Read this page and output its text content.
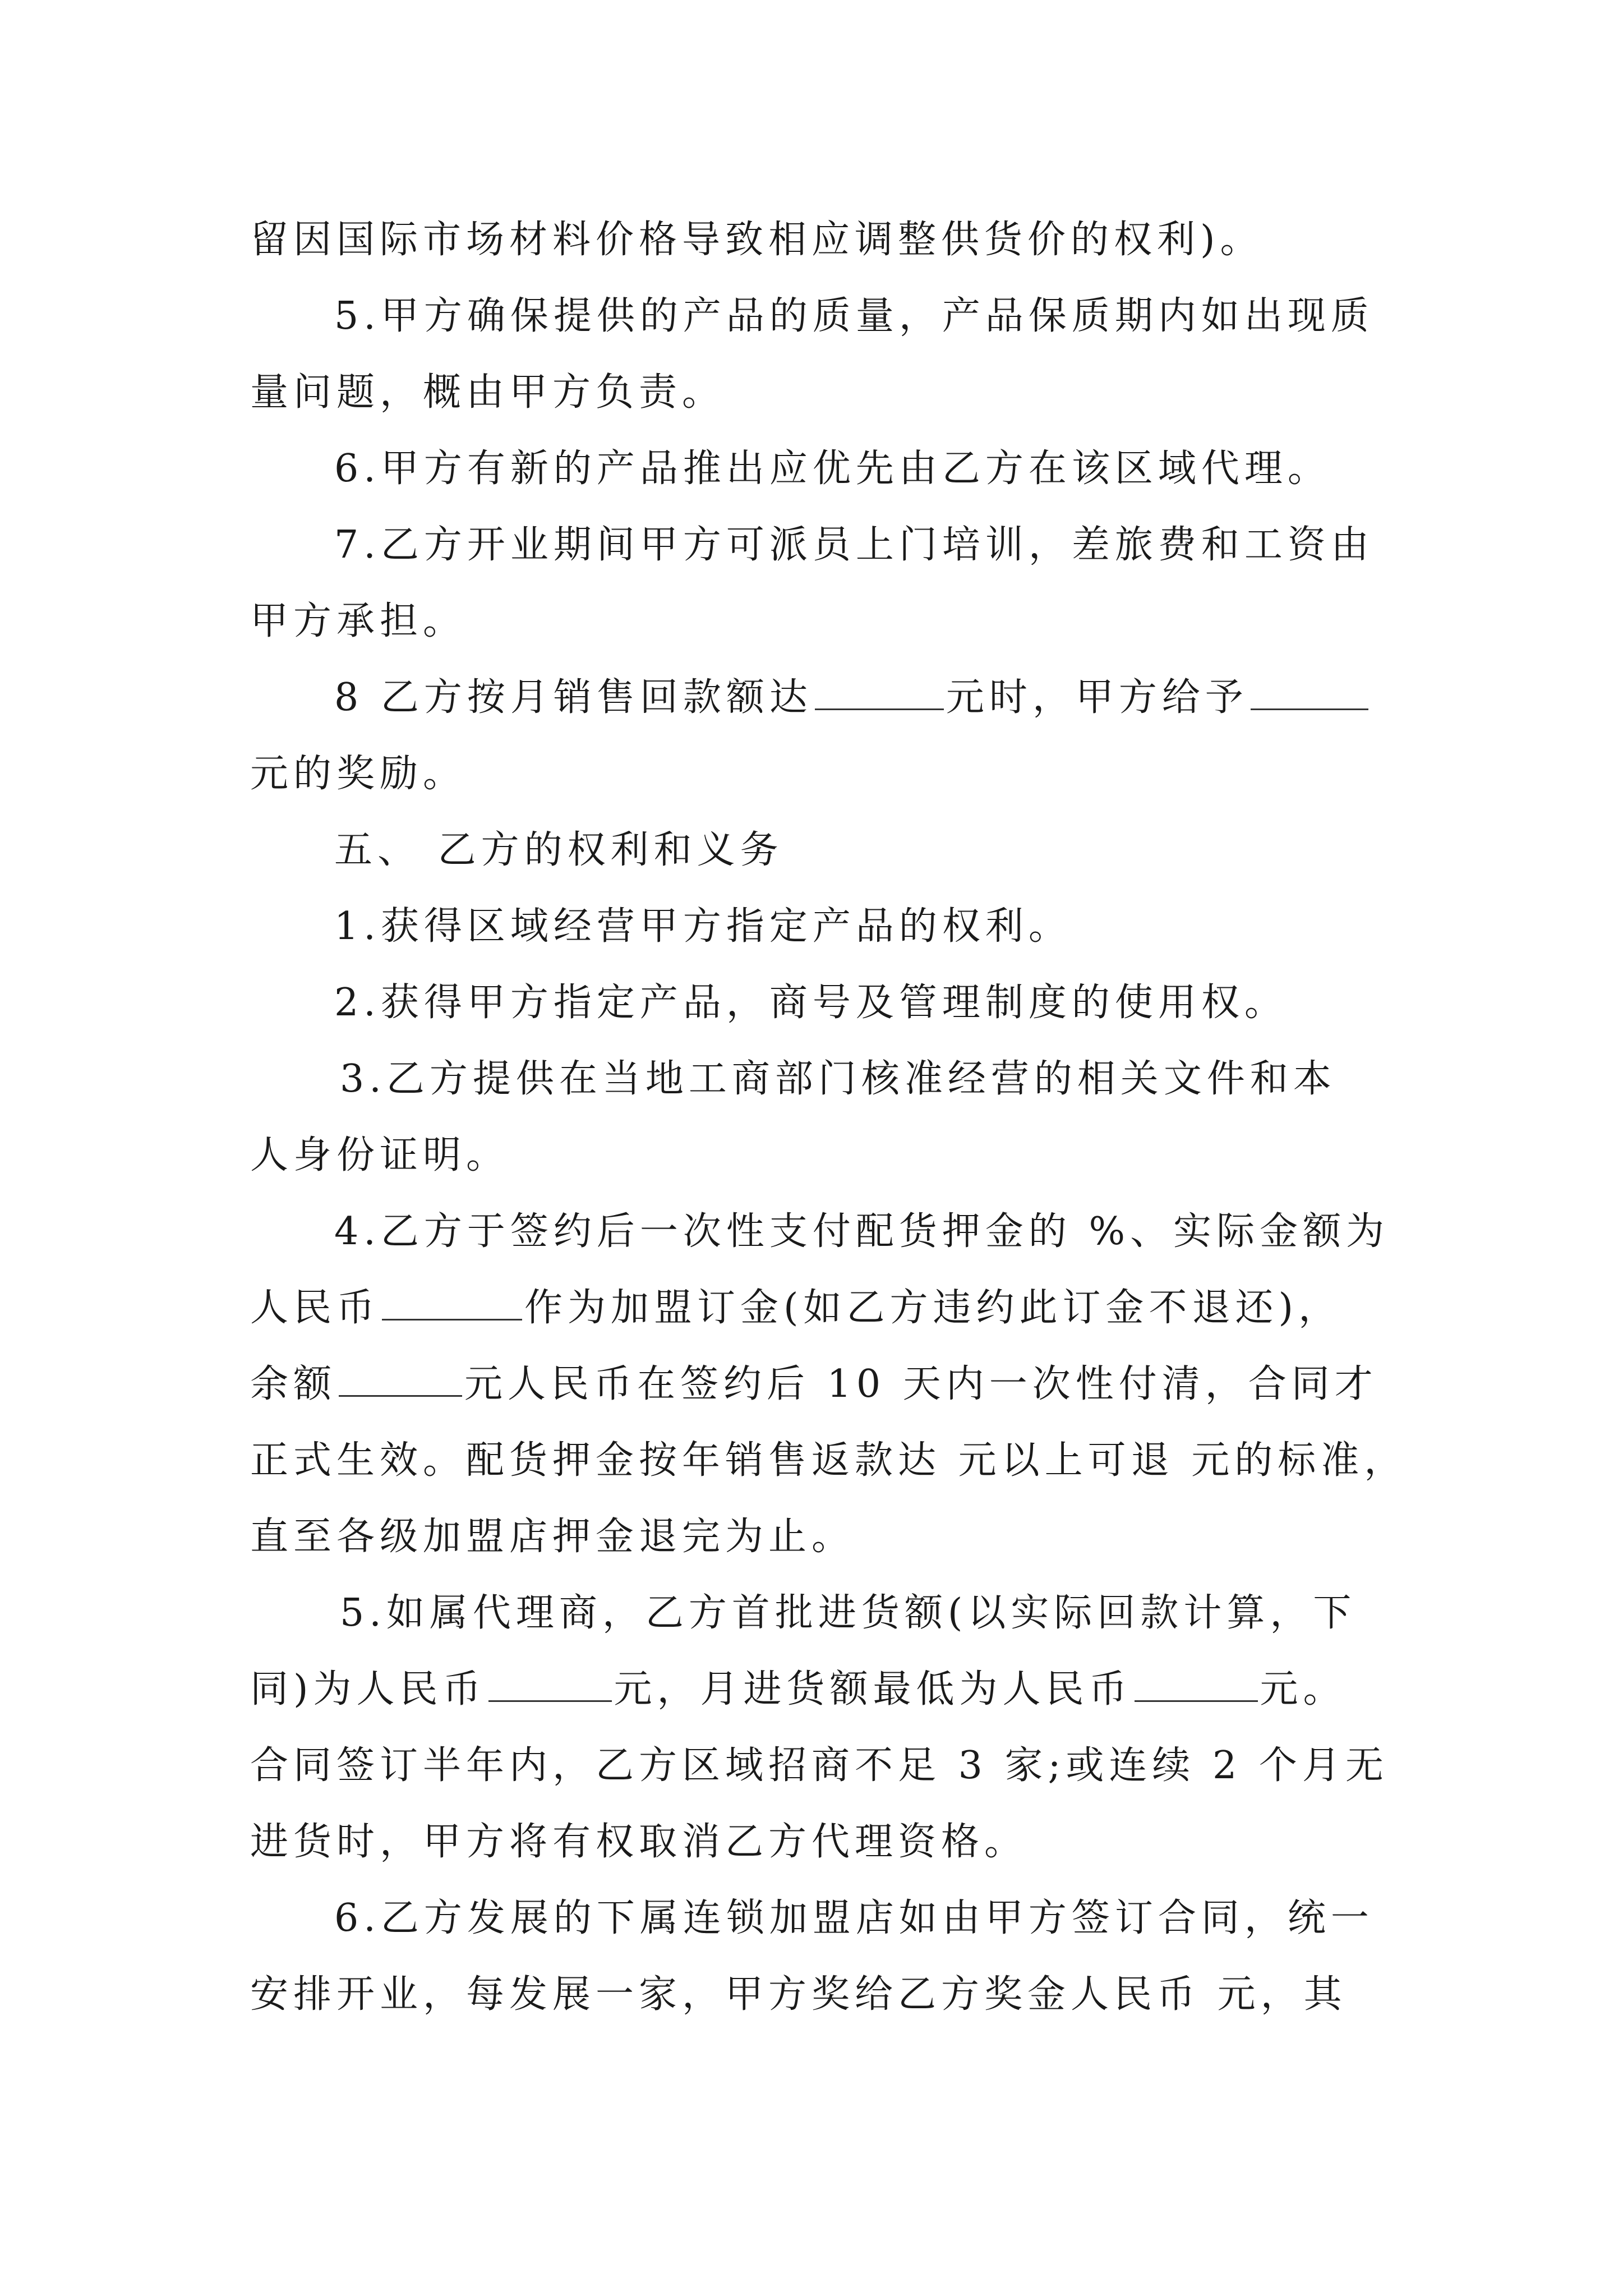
留因国际市场材料价格导致相应调整供货价的权利)。
5.甲方确保提供的产品的质量，产品保质期内如出现质
量问题，概由甲方负责。
6.甲方有新的产品推出应优先由乙方在该区域代理。
7.乙方开业期间甲方可派员上门培训，差旅费和工资由
甲方承担。
8 乙方按月销售回款额达	元时，甲方给予
元的奖励。
五、 乙方的权利和义务
1.获得区域经营甲方指定产品的权利。
2.获得甲方指定产品，商号及管理制度的使用权。
3.乙方提供在当地工商部门核准经营的相关文件和本
人身份证明。
4.乙方于签约后一次性支付配货押金的 %、实际金额为
人民币	作为加盟订金(如乙方违约此订金不退还)，
余额	元人民币在签约后 10 天内一次性付清，合同才
正式生效。配货押金按年销售返款达 元以上可退 元的标准，
直至各级加盟店押金退完为止。
5.如属代理商，乙方首批进货额(以实际回款计算，下
同)为人民币	元，月进货额最低为人民币	元。
合同签订半年内，乙方区域招商不足 3 家;或连续 2 个月无
进货时，甲方将有权取消乙方代理资格。
6.乙方发展的下属连锁加盟店如由甲方签订合同，统一
安排开业，每发展一家，甲方奖给乙方奖金人民币 元，其
